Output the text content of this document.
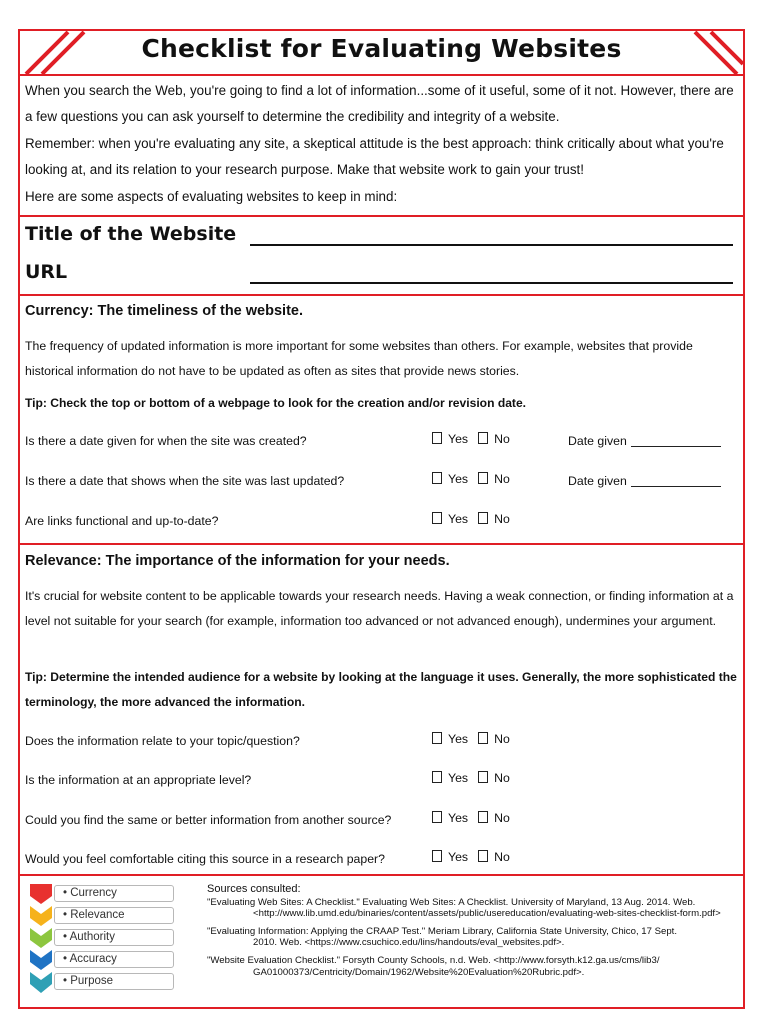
Checklist for Evaluating Websites

When you search the Web, you're going to find a lot of information...some of it useful, some of it not. However, there are a few questions you can ask yourself to determine the credibility and integrity of a website.

Remember: when you're evaluating any site, a skeptical attitude is the best approach: think critically about what you're looking at, and its relation to your research purpose. Make that website work to gain your trust!

Here are some aspects of evaluating websites to keep in mind:

Title of the Website
URL
Currency: The timeliness of the website.
The frequency of updated information is more important for some websites than others. For example, websites that provide historical information do not have to be updated as often as sites that provide news stories.
Tip: Check the top or bottom of a webpage to look for the creation and/or revision date.
Is there a date given for when the site was created?	Yes No	Date given
Is there a date that shows when the site was last updated?	Yes No	Date given
Are links functional and up-to-date?	Yes No
Relevance: The importance of the information for your needs.
It's crucial for website content to be applicable towards your research needs. Having a weak connection, or finding information at a level not suitable for your search (for example, information too advanced or not advanced enough), undermines your argument.
Tip: Determine the intended audience for a website by looking at the language it uses. Generally, the more sophisticated the terminology, the more advanced the information.
Does the information relate to your topic/question?	Yes No
Is the information at an appropriate level?	Yes No
Could you find the same or better information from another source?	Yes No
Would you feel comfortable citing this source in a research paper?	Yes No
• Currency
• Relevance
• Authority
• Accuracy
• Purpose
Sources consulted:
"Evaluating Web Sites: A Checklist." Evaluating Web Sites: A Checklist. University of Maryland, 13 Aug. 2014. Web.
<http://www.lib.umd.edu/binaries/content/assets/public/usereducation/evaluating-web-sites-checklist-form.pdf>
"Evaluating Information: Applying the CRAAP Test." Meriam Library, California State University, Chico, 17 Sept.
2010. Web. <https://www.csuchico.edu/lins/handouts/eval_websites.pdf>.
"Website Evaluation Checklist." Forsyth County Schools, n.d. Web. <http://www.forsyth.k12.ga.us/cms/lib3/
GA01000373/Centricity/Domain/1962/Website%20Evaluation%20Rubric.pdf>.
